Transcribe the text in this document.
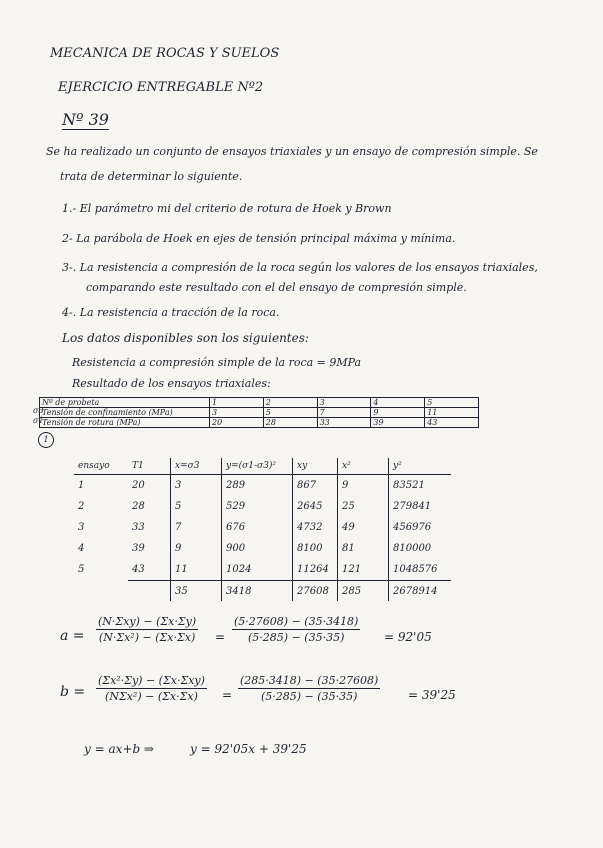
MECANICA DE ROCAS Y SUELOS
EJERCICIO ENTREGABLE Nº2
Nº 39
Se ha realizado un conjunto de ensayos triaxiales y un ensayo de compresión simple. Se
trata de determinar lo siguiente.
1.- El parámetro mi del criterio de rotura de Hoek y Brown
2- La parábola de Hoek en ejes de tensión principal máxima y mínima.
3-. La resistencia a compresión de la roca según los valores de los ensayos triaxiales,
comparando este resultado con el del ensayo de compresión simple.
4-. La resistencia a tracción de la roca.
Los datos disponibles son los siguientes:
Resistencia a compresión simple de la roca = 9MPa
Resultado de los ensayos triaxiales:
σ3
σ1
Nº de probeta	1	2	3	4	5
Tensión de confinamiento (MPa)	3	5	7	9	11
Tensión de rotura (MPa)	20	28	33	39	43
1
ensayo	T1	x=σ3	y=(σ1-σ3)²	xy	x²	y²
1	20	3	289	867	9	83521
2	28	5	529	2645	25	279841
3	33	7	676	4732	49	456976
4	39	9	900	8100	81	810000
5	43	11	1024	11264	121	1048576
		35	3418	27608	285	2678914
a =
(N·Σxy) − (Σx·Σy)
$(N\cdot\Sigma x^2) - (\Sigma x\cdot\Sigma x) = \frac{(5\cdot 27608) - (35\cdot 3418)}{(5\cdot 285) - (35\cdot 35)} = 92'05$
b =
(Σx²·Σy) − (Σx·Σxy)
(NΣx²) − (Σx·Σx)	= $\frac{(285\cdot 3418) - (35\cdot 27608)}{(5\cdot 285) - (35\cdot 35)} = 39'25$
y = ax+b ⇒	y = 92'05x + 39'25
